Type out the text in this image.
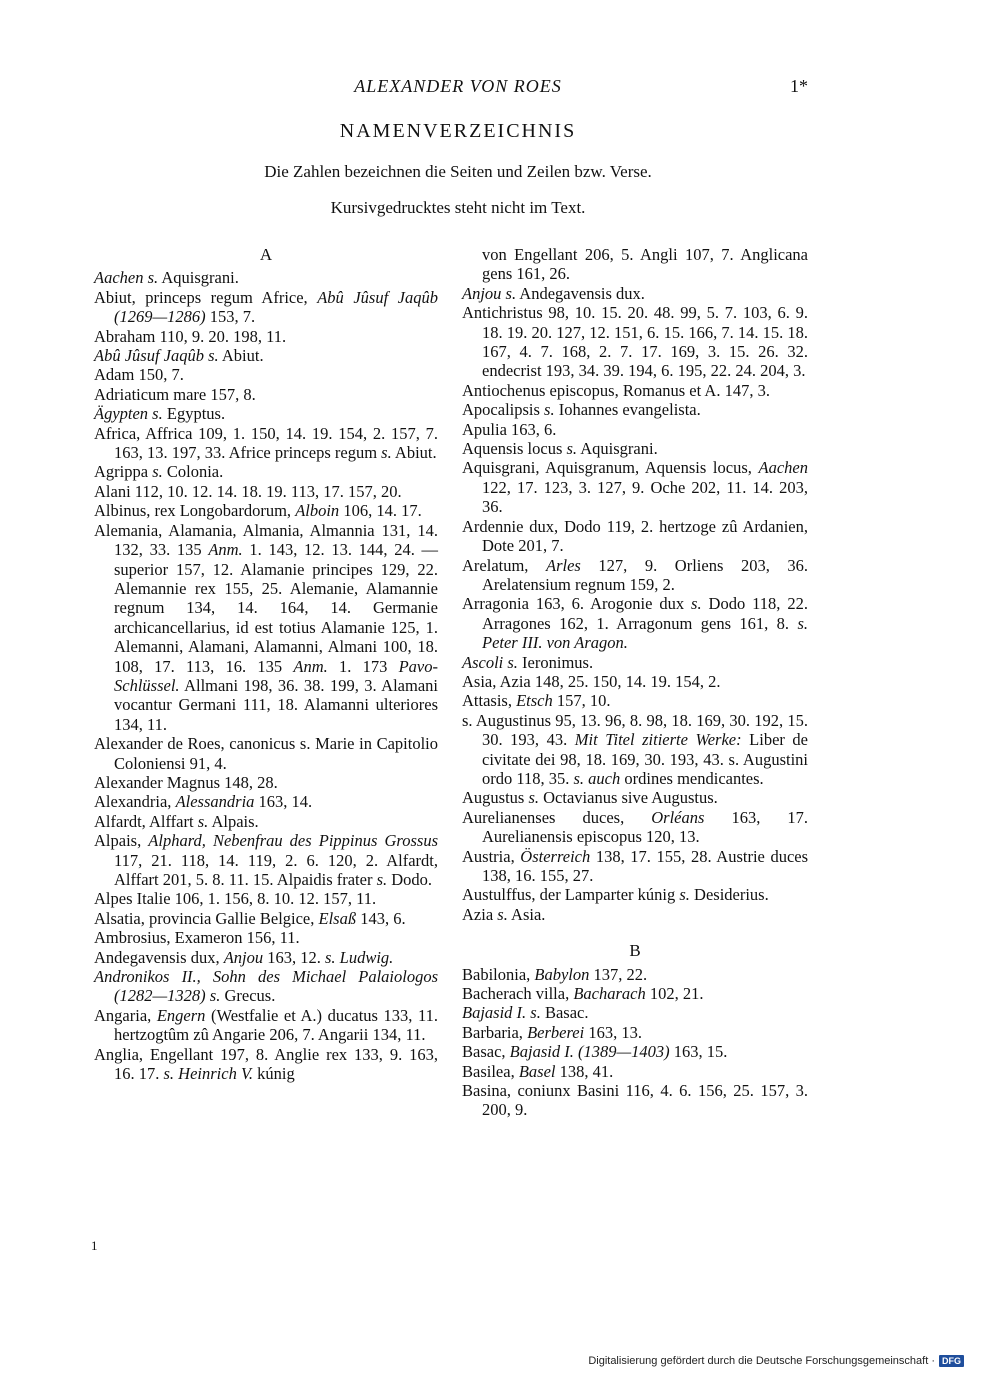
ALEXANDER VON ROES	1*
NAMENVERZEICHNIS
Die Zahlen bezeichnen die Seiten und Zeilen bzw. Verse.
Kursivgedrucktes steht nicht im Text.
A

Aachen s. Aquisgrani.

Abiut, princeps regum Africe, Abû Jûsuf Jaqûb (1269—1286) 153, 7.

Abraham 110, 9. 20. 198, 11.

Abû Jûsuf Jaqûb s. Abiut.

Adam 150, 7.

Adriaticum mare 157, 8.

Ägypten s. Egyptus.

Africa, Affrica 109, 1. 150, 14. 19. 154, 2. 157, 7. 163, 13. 197, 33. Africe princeps regum s. Abiut.

Agrippa s. Colonia.

Alani 112, 10. 12. 14. 18. 19. 113, 17. 157, 20.

Albinus, rex Longobardorum, Alboin 106, 14. 17.

Alemania, Alamania, Almania, Almannia 131, 14. 132, 33. 135 Anm. 1. 143, 12. 13. 144, 24. —superior 157, 12. Alamanie principes 129, 22. Alemannie rex 155, 25. Alemanie, Alamannie regnum 134, 14. 164, 14. Germanie archicancellarius, id est totius Alamanie 125, 1. Alemanni, Alamani, Alamanni, Almani 100, 18. 108, 17. 113, 16. 135 Anm. 1. 173 Pavo-Schlüssel. Allmani 198, 36. 38. 199, 3. Alamani vocantur Germani 111, 18. Alamanni ulteriores 134, 11.

Alexander de Roes, canonicus s. Marie in Capitolio Coloniensi 91, 4.

Alexander Magnus 148, 28.

Alexandria, Alessandria 163, 14.

Alfardt, Alffart s. Alpais.

Alpais, Alphard, Nebenfrau des Pippinus Grossus 117, 21. 118, 14. 119, 2. 6. 120, 2. Alfardt, Alffart 201, 5. 8. 11. 15. Alpaidis frater s. Dodo.

Alpes Italie 106, 1. 156, 8. 10. 12. 157, 11.

Alsatia, provincia Gallie Belgice, Elsaß 143, 6.

Ambrosius, Exameron 156, 11.

Andegavensis dux, Anjou 163, 12. s. Ludwig.

Andronikos II., Sohn des Michael Palaiologos (1282—1328) s. Grecus.

Angaria, Engern (Westfalie et A.) ducatus 133, 11. hertzogtûm zû Angarie 206, 7. Angarii 134, 11.

Anglia, Engellant 197, 8. Anglie rex 133, 9. 163, 16. 17. s. Heinrich V. kúnig

von Engellant 206, 5. Angli 107, 7. Anglicana gens 161, 26.

Anjou s. Andegavensis dux.

Antichristus 98, 10. 15. 20. 48. 99, 5. 7. 103, 6. 9. 18. 19. 20. 127, 12. 151, 6. 15. 166, 7. 14. 15. 18. 167, 4. 7. 168, 2. 7. 17. 169, 3. 15. 26. 32. endecrist 193, 34. 39. 194, 6. 195, 22. 24. 204, 3.

Antiochenus episcopus, Romanus et A. 147, 3.

Apocalipsis s. Iohannes evangelista.

Apulia 163, 6.

Aquensis locus s. Aquisgrani.

Aquisgrani, Aquisgranum, Aquensis locus, Aachen 122, 17. 123, 3. 127, 9. Oche 202, 11. 14. 203, 36.

Ardennie dux, Dodo 119, 2. hertzoge zû Ardanien, Dote 201, 7.

Arelatum, Arles 127, 9. Orliens 203, 36. Arelatensium regnum 159, 2.

Arragonia 163, 6. Arogonie dux s. Dodo 118, 22. Arragones 162, 1. Arragonum gens 161, 8. s. Peter III. von Aragon.

Ascoli s. Ieronimus.

Asia, Azia 148, 25. 150, 14. 19. 154, 2.

Attasis, Etsch 157, 10.

s. Augustinus 95, 13. 96, 8. 98, 18. 169, 30. 192, 15. 30. 193, 43. Mit Titel zitierte Werke: Liber de civitate dei 98, 18. 169, 30. 193, 43. s. Augustini ordo 118, 35. s. auch ordines mendicantes.

Augustus s. Octavianus sive Augustus.

Aurelianenses duces, Orléans 163, 17. Aurelianensis episcopus 120, 13.

Austria, Österreich 138, 17. 155, 28. Austrie duces 138, 16. 155, 27.

Austulffus, der Lamparter kúnig s. Desiderius.

Azia s. Asia.

B

Babilonia, Babylon 137, 22.

Bacherach villa, Bacharach 102, 21.

Bajasid I. s. Basac.

Barbaria, Berberei 163, 13.

Basac, Bajasid I. (1389—1403) 163, 15.

Basilea, Basel 138, 41.

Basina, coniunx Basini 116, 4. 6. 156, 25. 157, 3. 200, 9.

1
Digitalisierung gefördert durch die Deutsche Forschungsgemeinschaft · DFG
